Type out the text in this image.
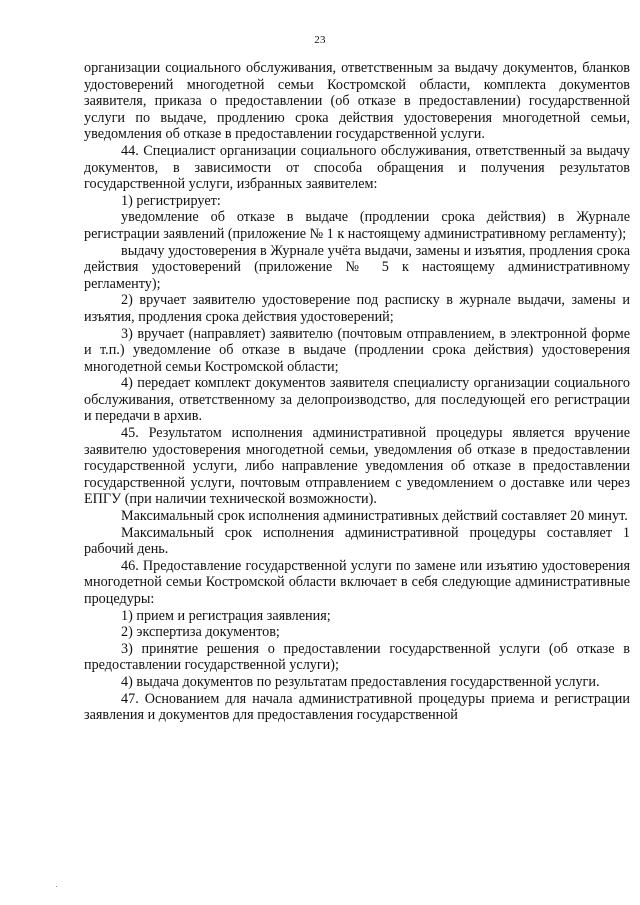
23

организации социального обслуживания, ответственным за выдачу документов, бланков удостоверений многодетной семьи Костромской области, комплекта документов заявителя, приказа о предоставлении (об отказе в предоставлении) государственной услуги по выдаче, продлению срока действия удостоверения многодетной семьи, уведомления об отказе в предоставлении государственной услуги.

44. Специалист организации социального обслуживания, ответственный за выдачу документов, в зависимости от способа обращения и получения результатов государственной услуги, избранных заявителем:

1) регистрирует:

уведомление об отказе в выдаче (продлении срока действия) в Журнале регистрации заявлений (приложение № 1 к настоящему административному регламенту);

выдачу удостоверения в Журнале учёта выдачи, замены и изъятия, продления срока действия удостоверений (приложение № 5 к настоящему административному регламенту);

2) вручает заявителю удостоверение под расписку в журнале выдачи, замены и изъятия, продления срока действия удостоверений;

3) вручает (направляет) заявителю (почтовым отправлением, в электронной форме и т.п.) уведомление об отказе в выдаче (продлении срока действия) удостоверения многодетной семьи Костромской области;

4) передает комплект документов заявителя специалисту организации социального обслуживания, ответственному за делопроизводство, для последующей его регистрации и передачи в архив.

45. Результатом исполнения административной процедуры является вручение заявителю удостоверения многодетной семьи, уведомления об отказе в предоставлении государственной услуги, либо направление уведомления об отказе в предоставлении государственной услуги, почтовым отправлением с уведомлением о доставке или через ЕПГУ (при наличии технической возможности).

Максимальный срок исполнения административных действий составляет 20 минут.

Максимальный срок исполнения административной процедуры составляет 1 рабочий день.

46. Предоставление государственной услуги по замене или изъятию удостоверения многодетной семьи Костромской области включает в себя следующие административные процедуры:

1) прием и регистрация заявления;

2) экспертиза документов;

3) принятие решения о предоставлении государственной услуги (об отказе в предоставлении государственной услуги);

4) выдача документов по результатам предоставления государственной услуги.

47. Основанием для начала административной процедуры приема и регистрации заявления и документов для предоставления государственной
